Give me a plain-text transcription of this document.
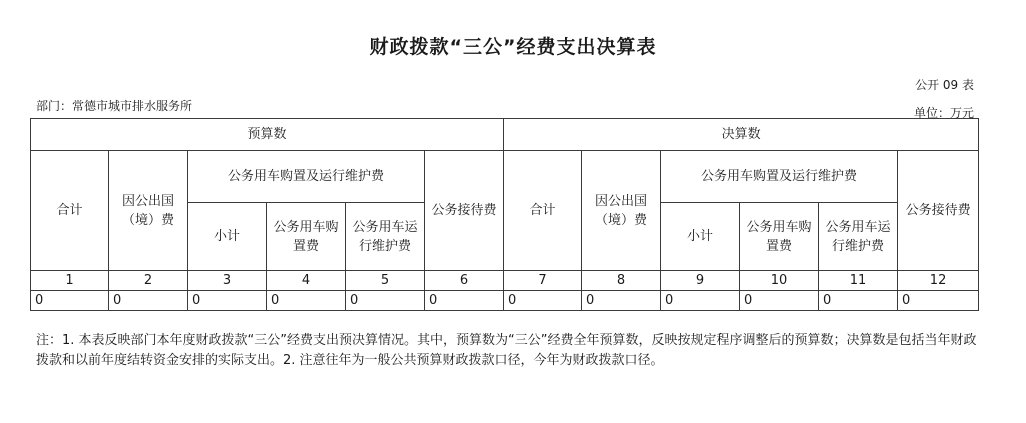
财政拨款“三公”经费支出决算表
公开 09 表
部门：常德市城市排水服务所	单位：万元
预算数						决算数					
合计	因公出国（境）费	公务用车购置及运行维护费			公务接待费	合计	因公出国（境）费	公务用车购置及运行维护费			公务接待费
		小计	公务用车购置费	公务用车运行维护费				小计	公务用车购置费	公务用车运行维护费	
1	2	3	4	5	6	7	8	9	10	11	12
0	0	0	0	0	0	0	0	0	0	0	0
注：1. 本表反映部门本年度财政拨款“三公”经费支出预决算情况。其中，预算数为“三公”经费全年预算数，反映按规定程序调整后的预算数；决算数是包括当年财政拨款和以前年度结转资金安排的实际支出。2. 注意往年为一般公共预算财政拨款口径，今年为财政拨款口径。
